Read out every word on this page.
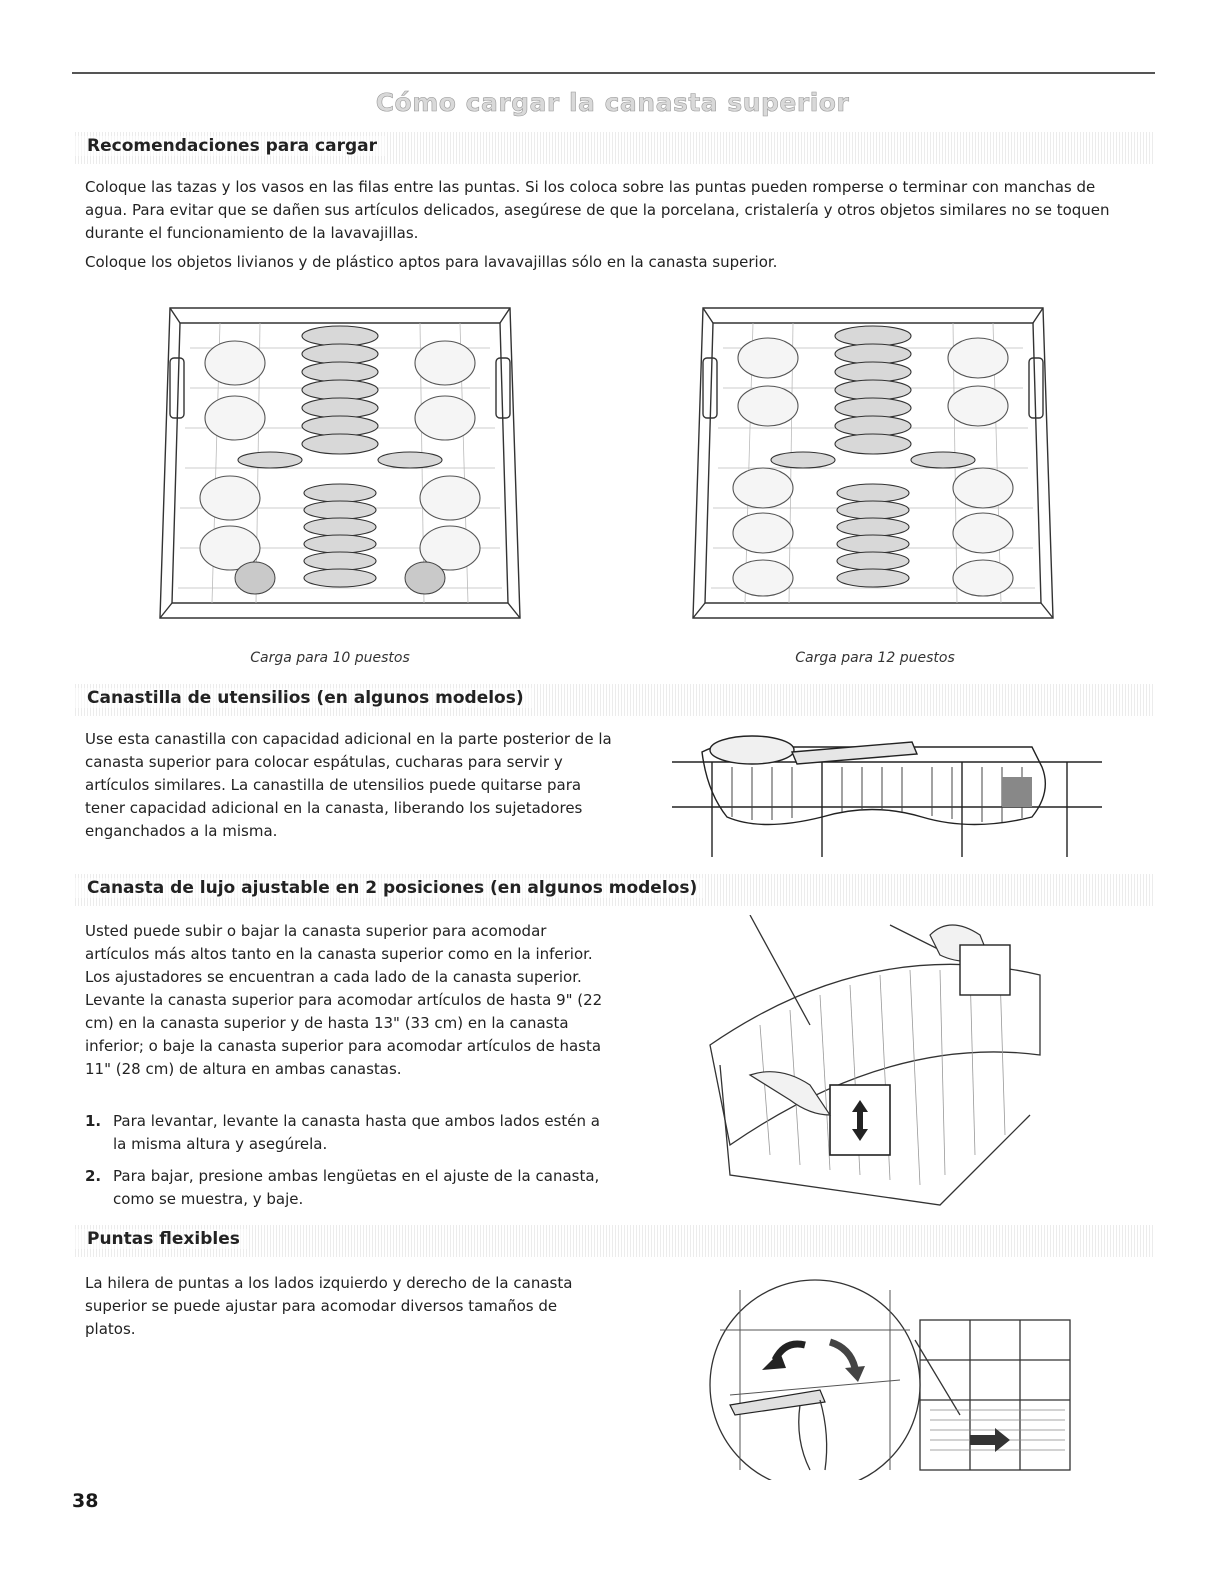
Cómo cargar la canasta superior
Recomendaciones para cargar

Coloque las tazas y los vasos en las filas entre las puntas. Si los coloca sobre las puntas pueden romperse o terminar con manchas de agua. Para evitar que se dañen sus artículos delicados, asegúrese de que la porcelana, cristalería y otros objetos similares no se toquen durante el funcionamiento de la lavavajillas.

Coloque los objetos livianos y de plástico aptos para lavavajillas sólo en la canasta superior.

Carga para 10 puestos	Carga para 12 puestos
Canastilla de utensilios (en algunos modelos)

Use esta canastilla con capacidad adicional en la parte posterior de la canasta superior para colocar espátulas, cucharas para servir y artículos similares. La canastilla de utensilios puede quitarse para tener capacidad adicional en la canasta, liberando los sujetadores enganchados a la misma.

Canasta de lujo ajustable en 2 posiciones (en algunos modelos)

Usted puede subir o bajar la canasta superior para acomodar artículos más altos tanto en la canasta superior como en la inferior. Los ajustadores se encuentran a cada lado de la canasta superior. Levante la canasta superior para acomodar artículos de hasta 9" (22 cm) en la canasta superior y de hasta 13" (33 cm) en la canasta inferior; o baje la canasta superior para acomodar artículos de hasta 11" (28 cm) de altura en ambas canastas.

1. Para levantar, levante la canasta hasta que ambos lados estén a la misma altura y asegúrela.
2. Para bajar, presione ambas lengüetas en el ajuste de la canasta, como se muestra, y baje.
Puntas flexibles

La hilera de puntas a los lados izquierdo y derecho de la canasta superior se puede ajustar para acomodar diversos tamaños de platos.

38
